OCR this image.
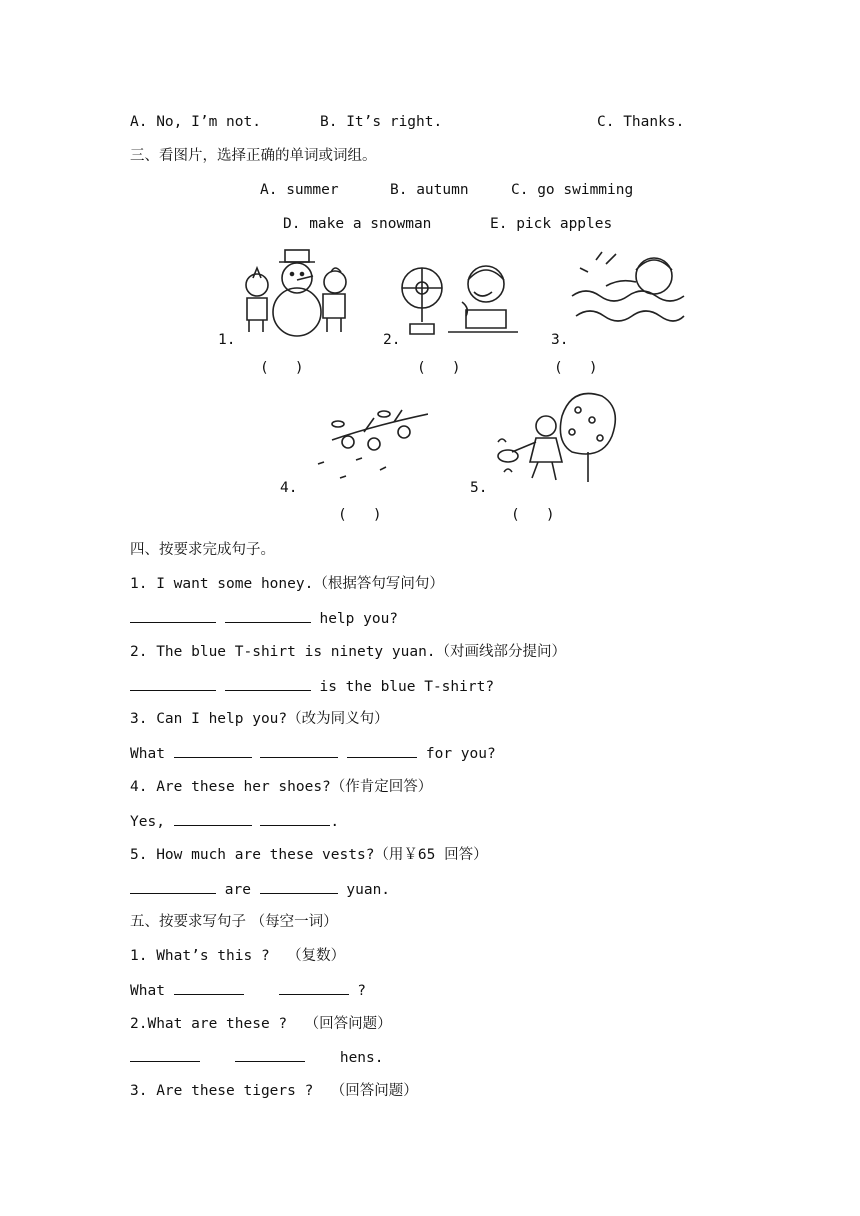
A. No, I’m not.	B. It’s right.	C. Thanks.
三、看图片，选择正确的单词或词组。
A. summer	B. autumn	C. go swimming
D. make a snowman	E. pick apples
1.
(   )
2.
(   )
3.
(   )
4.
(   )
5.
(   )
四、按要求完成句子。
1. I want some honey.（根据答句写问句）
help you?
2. The blue T-shirt is ninety yuan.（对画线部分提问）
is the blue T-shirt?
3. Can I help you?（改为同义句）
What	for you?
4. Are these her shoes?（作肯定回答）
Yes,	.
5. How much are these vests?（用￥65 回答）
are	yuan.
五、按要求写句子 （每空一词）
1. What’s this ?  （复数）
What	?
2.What are these ?  （回答问题）
hens.
3. Are these tigers ?  （回答问题）
